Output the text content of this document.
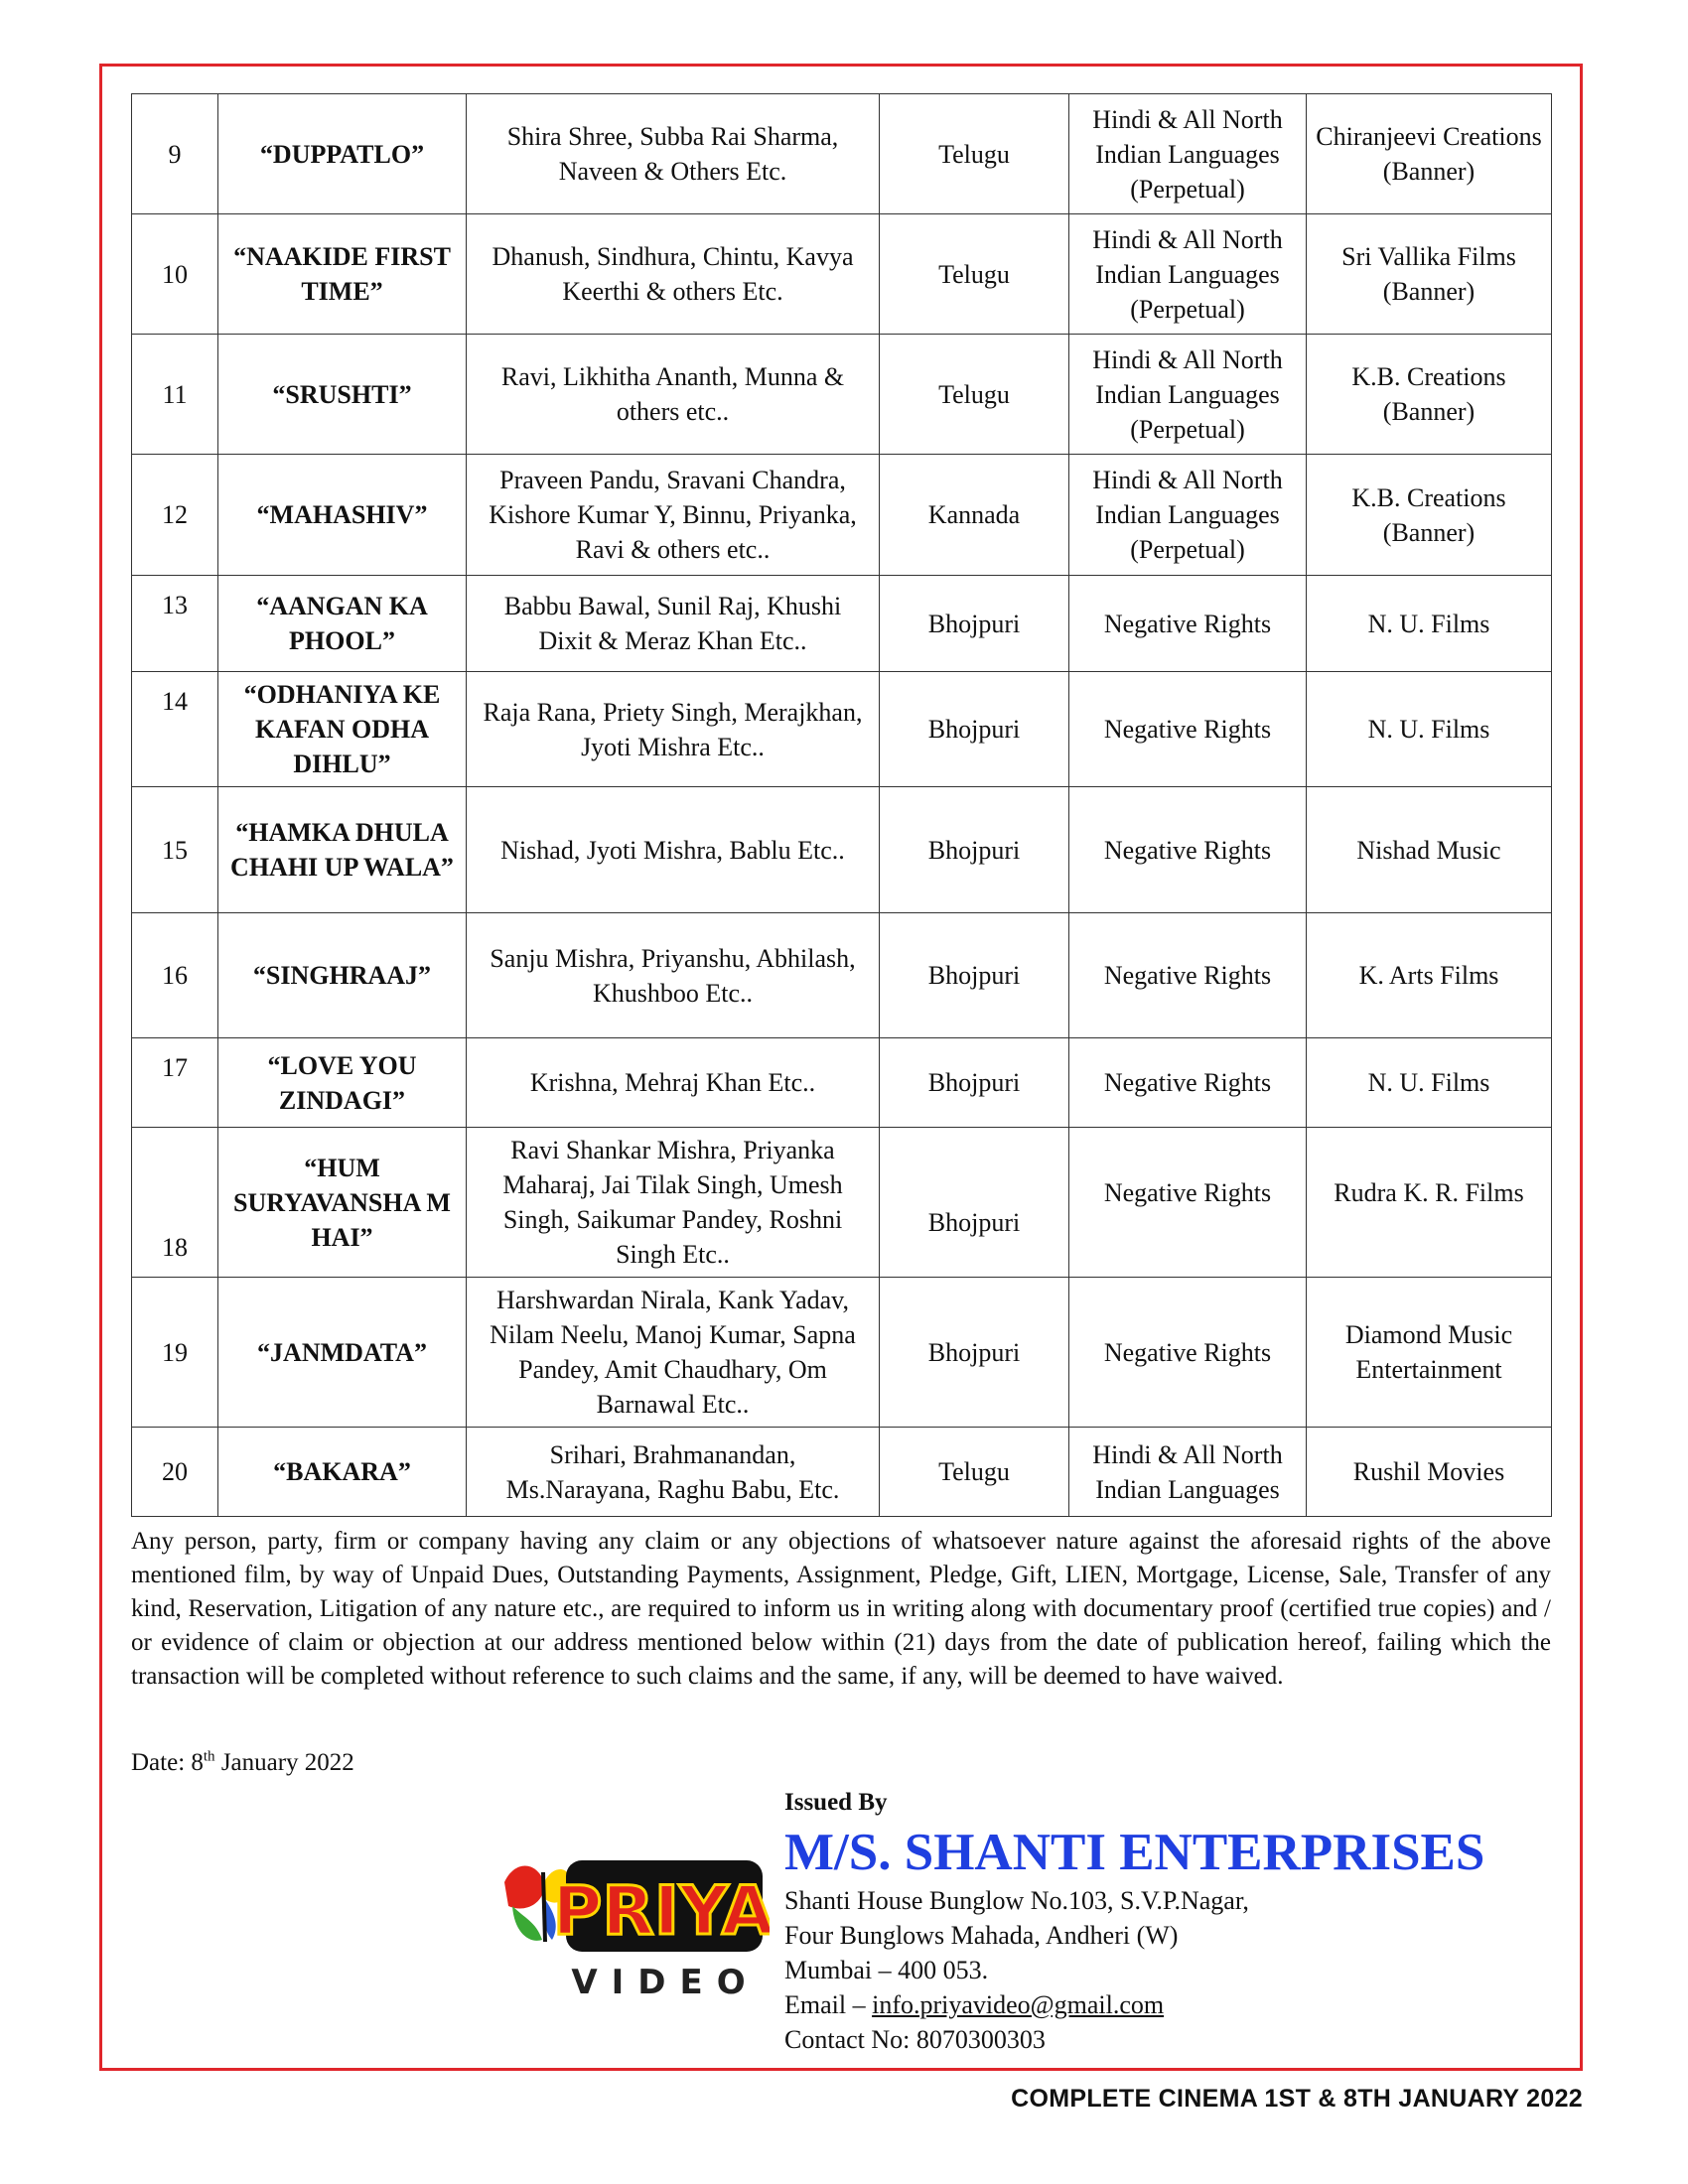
9	“DUPPATLO”	Shira Shree, Subba Rai Sharma, Naveen & Others Etc.	Telugu	Hindi & All North Indian Languages (Perpetual)	Chiranjeevi Creations (Banner)
10	“NAAKIDE FIRST TIME”	Dhanush, Sindhura, Chintu, Kavya Keerthi & others Etc.	Telugu	Hindi & All North Indian Languages (Perpetual)	Sri Vallika Films (Banner)
11	“SRUSHTI”	Ravi, Likhitha Ananth, Munna & others etc..	Telugu	Hindi & All North Indian Languages (Perpetual)	K.B. Creations (Banner)
12	“MAHASHIV”	Praveen Pandu, Sravani Chandra, Kishore Kumar Y, Binnu, Priyanka, Ravi & others etc..	Kannada	Hindi & All North Indian Languages (Perpetual)	K.B. Creations (Banner)
13	“AANGAN KA PHOOL”	Babbu Bawal, Sunil Raj, Khushi Dixit & Meraz Khan Etc..	Bhojpuri	Negative Rights	N. U. Films
14	“ODHANIYA KE KAFAN ODHA DIHLU”	Raja Rana, Priety Singh, Merajkhan, Jyoti Mishra Etc..	Bhojpuri	Negative Rights	N. U. Films
15	“HAMKA DHULA CHAHI UP WALA”	Nishad, Jyoti Mishra, Bablu Etc..	Bhojpuri	Negative Rights	Nishad Music
16	“SINGHRAAJ”	Sanju Mishra, Priyanshu, Abhilash, Khushboo Etc..	Bhojpuri	Negative Rights	K. Arts Films
17	“LOVE YOU ZINDAGI”	Krishna, Mehraj Khan Etc..	Bhojpuri	Negative Rights	N. U. Films
18	“HUM SURYAVANSHA M HAI”	Ravi Shankar Mishra, Priyanka Maharaj, Jai Tilak Singh, Umesh Singh, Saikumar Pandey, Roshni Singh Etc..	Bhojpuri	Negative Rights	Rudra K. R. Films
19	“JANMDATA”	Harshwardan Nirala, Kank Yadav, Nilam Neelu, Manoj Kumar, Sapna Pandey, Amit Chaudhary, Om Barnawal Etc..	Bhojpuri	Negative Rights	Diamond Music Entertainment
20	“BAKARA”	Srihari, Brahmanandan, Ms.Narayana, Raghu Babu, Etc.	Telugu	Hindi & All North Indian Languages	Rushil Movies

Any person, party, firm or company having any claim or any objections of whatsoever nature against the aforesaid rights of the above mentioned film, by way of Unpaid Dues, Outstanding Payments, Assignment, Pledge, Gift, LIEN, Mortgage, License, Sale, Transfer of any kind, Reservation, Litigation of any nature etc., are required to inform us in writing along with documentary proof (certified true copies) and / or evidence of claim or objection at our address mentioned below within (21) days from the date of publication hereof, failing which the transaction will be completed without reference to such claims and the same, if any, will be deemed to have waived.

Date: 8th January 2022
PRIYA
VIDEO
Issued By
M/S. SHANTI ENTERPRISES
Shanti House Bunglow No.103, S.V.P.Nagar,
Four Bunglows Mahada, Andheri (W)
Mumbai – 400 053.
Email – info.priyavideo@gmail.com
Contact No: 8070300303
COMPLETE CINEMA 1ST & 8TH JANUARY 2022
